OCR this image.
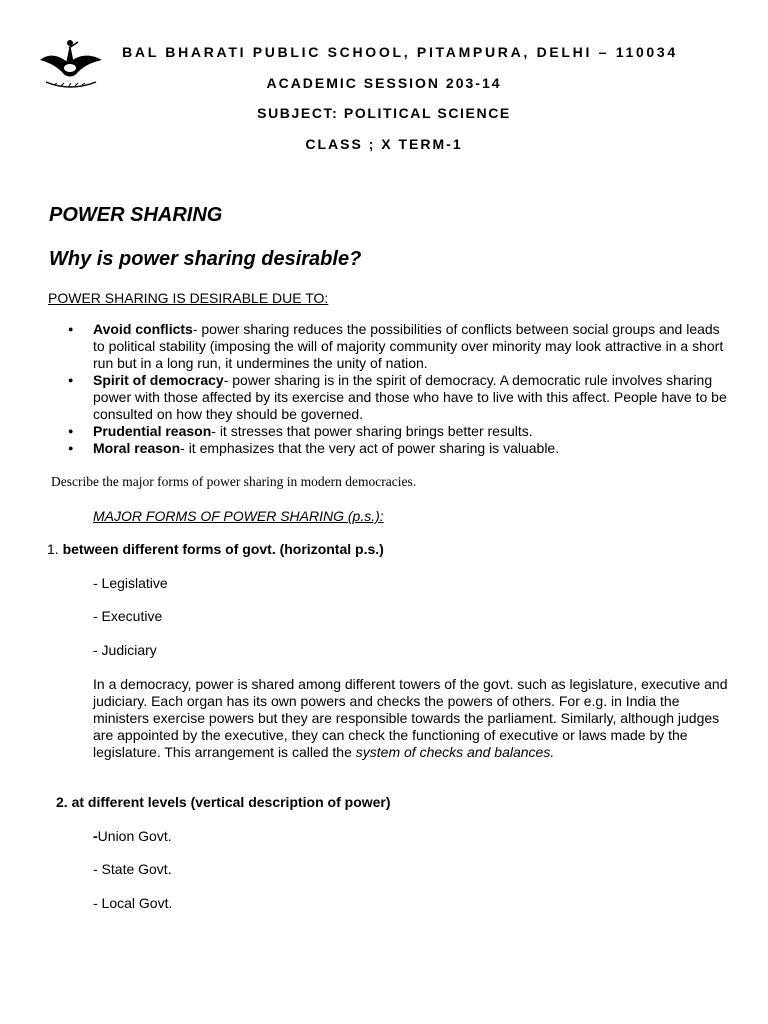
BAL BHARATI PUBLIC SCHOOL, PITAMPURA, DELHI – 110034
ACADEMIC SESSION 203-14
SUBJECT: POLITICAL SCIENCE
CLASS ; X TERM-1
POWER SHARING
Why is power sharing desirable?
POWER SHARING IS DESIRABLE DUE TO:
● Avoid conflicts- power sharing reduces the possibilities of conflicts between social groups and leads to political stability (imposing the will of majority community over minority may look attractive in a short run but in a long run, it undermines the unity of nation.
● Spirit of democracy- power sharing is in the spirit of democracy. A democratic rule involves sharing power with those affected by its exercise and those who have to live with this affect. People have to be consulted on how they should be governed.
● Prudential reason- it stresses that power sharing brings better results.
● Moral reason- it emphasizes that the very act of power sharing is valuable.
Describe the major forms of power sharing in modern democracies.
MAJOR FORMS OF POWER SHARING (p.s.):
1. between different forms of govt. (horizontal p.s.)
- Legislative
- Executive
- Judiciary

In a democracy, power is shared among different towers of the govt. such as legislature, executive and judiciary. Each organ has its own powers and checks the powers of others. For e.g. in India the ministers exercise powers but they are responsible towards the parliament. Similarly, although judges are appointed by the executive, they can check the functioning of executive or laws made by the legislature. This arrangement is called the system of checks and balances.

2. at different levels (vertical description of power)
-Union Govt.
- State Govt.
- Local Govt.
